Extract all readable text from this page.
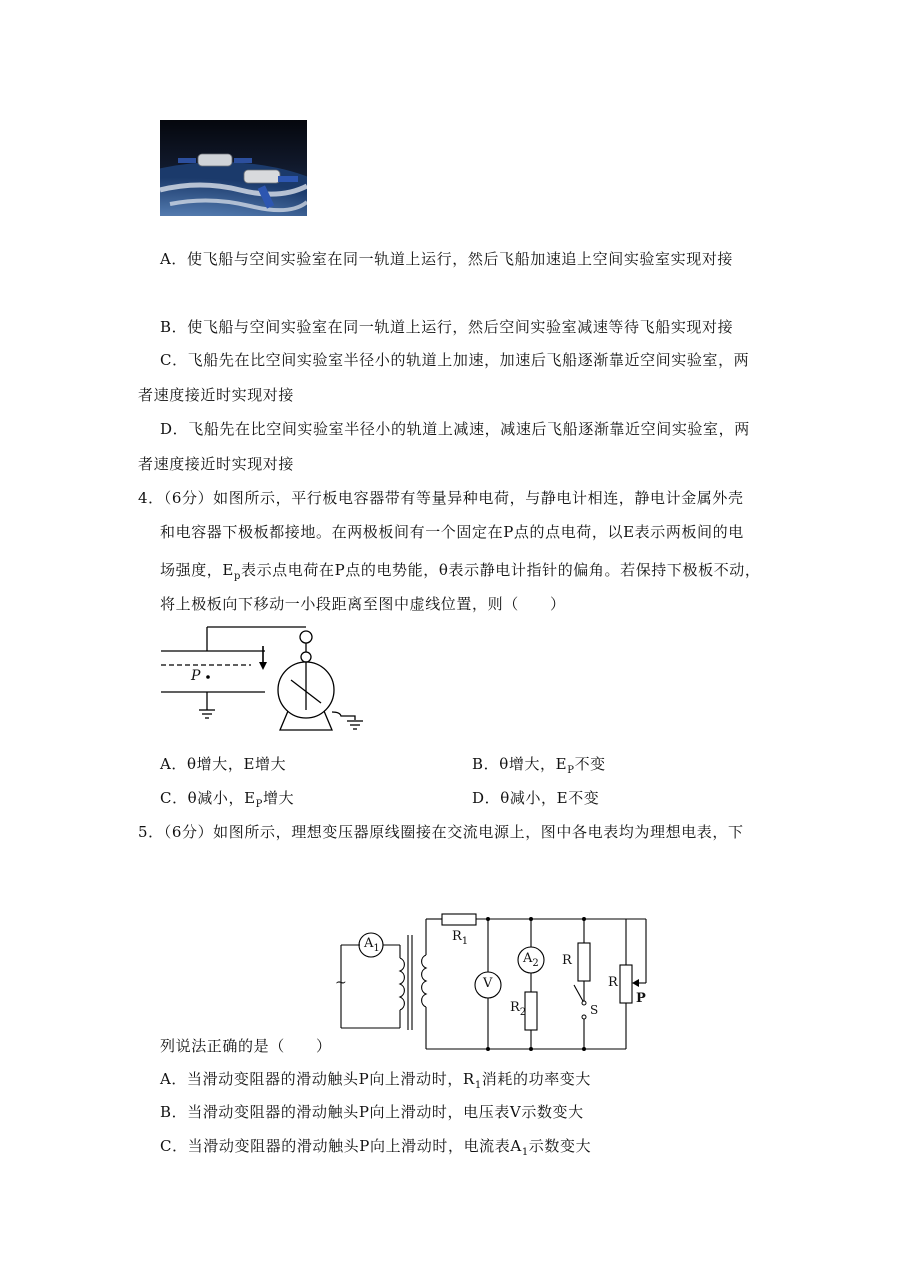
A．使飞船与空间实验室在同一轨道上运行，然后飞船加速追上空间实验室实现对接
B．使飞船与空间实验室在同一轨道上运行，然后空间实验室减速等待飞船实现对接
C．飞船先在比空间实验室半径小的轨道上加速，加速后飞船逐渐靠近空间实验室，两
者速度接近时实现对接
D．飞船先在比空间实验室半径小的轨道上减速，减速后飞船逐渐靠近空间实验室，两
者速度接近时实现对接
4．（6分）如图所示，平行板电容器带有等量异种电荷，与静电计相连，静电计金属外壳
和电容器下极板都接地。在两极板间有一个固定在P点的点电荷，以E表示两板间的电
场强度，$E_p$表示点电荷在P点的电势能，θ表示静电计指针的偏角。若保持下极板不动，
将上极板向下移动一小段距离至图中虚线位置，则（　　）
P
A．θ增大，E增大	B．θ增大，$E_P$不变
C．θ减小，$E_P$增大	D．θ减小，E不变
5．（6分）如图所示，理想变压器原线圈接在交流电源上，图中各电表均为理想电表，下
$A_1$
$A_2$
V
$R_1$
$R_2$
R
R
S
P
~
列说法正确的是（　　）
A．当滑动变阻器的滑动触头P向上滑动时，$R_1$消耗的功率变大
B．当滑动变阻器的滑动触头P向上滑动时，电压表V示数变大
C．当滑动变阻器的滑动触头P向上滑动时，电流表$A_1$示数变大
